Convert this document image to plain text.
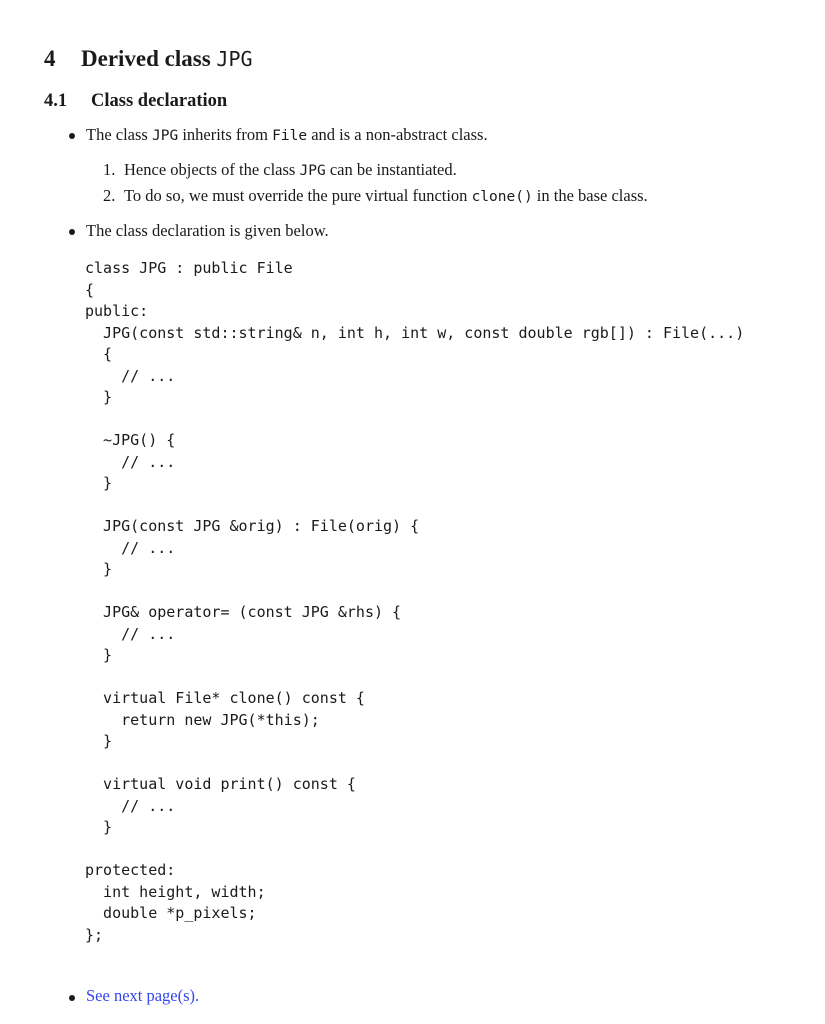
4 Derived class JPG
4.1 Class declaration
The class JPG inherits from File and is a non-abstract class.
1. Hence objects of the class JPG can be instantiated.
2. To do so, we must override the pure virtual function clone() in the base class.
The class declaration is given below.
class JPG : public File
{
public:
JPG(const std::string& n, int h, int w, const double rgb[]) : File(...)
{
// ...
}
~JPG() {
// ...
}
JPG(const JPG &orig) : File(orig) {
// ...
}
JPG& operator= (const JPG &rhs) {
// ...
}
virtual File* clone() const {
return new JPG(*this);
}
virtual void print() const {
// ...
}
protected:
int height, width;
double *p_pixels;
};
See next page(s).
